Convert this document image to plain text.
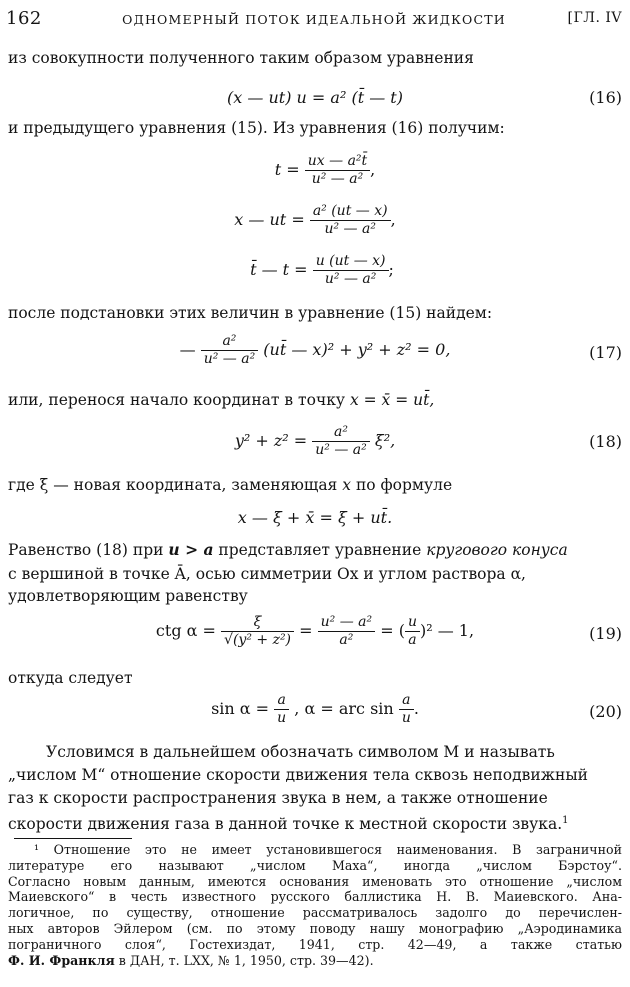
162	ОДНОМЕРНЫЙ ПОТОК ИДЕАЛЬНОЙ ЖИДКОСТИ	[ГЛ. IV
из совокупности полученного таким образом уравнения
(x — ut) u = a² (t̄ — t)	(16)
и предыдущего уравнения (15). Из уравнения (16) получим:
$t = \frac{\text{ux — a²t̄}}{\text{u² — a²}}$ ,
x — ut = $\frac{\text{a² (ut — x)}}{\text{u² — a²}}$ ,
t̄ — $t = \frac{u (ut — x)}{\text{u² — a²}}$ ;
после подстановки этих величин в уравнение (15) найдем:
— $\frac{\text{a²}}{\text{u² — a²}}$ (ut̄ — x)² + y² + z² = 0,	(17)
или, перенося начало координат в точку x = x̄ = ut̄,
$y^2 + z^2 = \frac{\text{a²}}{\text{u² — a²}} \xi^2$,	(18)
где ξ — новая координата, заменяющая x по формуле
x — ξ + x̄ = ξ + ut̄.
Равенство (18) при u > a представляет уравнение кругового конуса
с вершиной в точке Ā, осью симметрии Ox и углом раствора α,
удовлетворяющим равенству
ctg $\alpha = \frac{\xi}{\text{√(y² + z²)}} = \frac{\text{u² — a²}}{\text{a²}}$ = ( $\frac{u}{a} )^2$ — 1,	(19)
откуда следует
$\sin \alpha = \frac{a}{u}$ , α = arc $\sin \frac{a}{u}$ .	(20)
Условимся в дальнейшем обозначать символом М и называть
„числом М“ отношение скорости движения тела сквозь неподвижный
газ к скорости распространения звука в нем, а также отношение
скорости движения газа в данной точке к местной скорости звука.$^1$
¹ Отношение это не имеет установившегося наименования. В заграничной
литературе его называют „числом Маха“, иногда „числом Бэрстоу“.
Согласно новым данным, имеются основания именовать это отношение „числом
Маиевского“ в честь известного русского баллистика Н. В. Маиевского. Ана-
логичное, по существу, отношение рассматривалось задолго до перечислен-
ных авторов Эйлером (см. по этому поводу нашу монографию „Аэродинамика
пограничного слоя“, Гостехиздат, 1941, стр. 42—49, а также статью
Ф. И. Франкля в ДАН, т. LXX, № 1, 1950, стр. 39—42).
